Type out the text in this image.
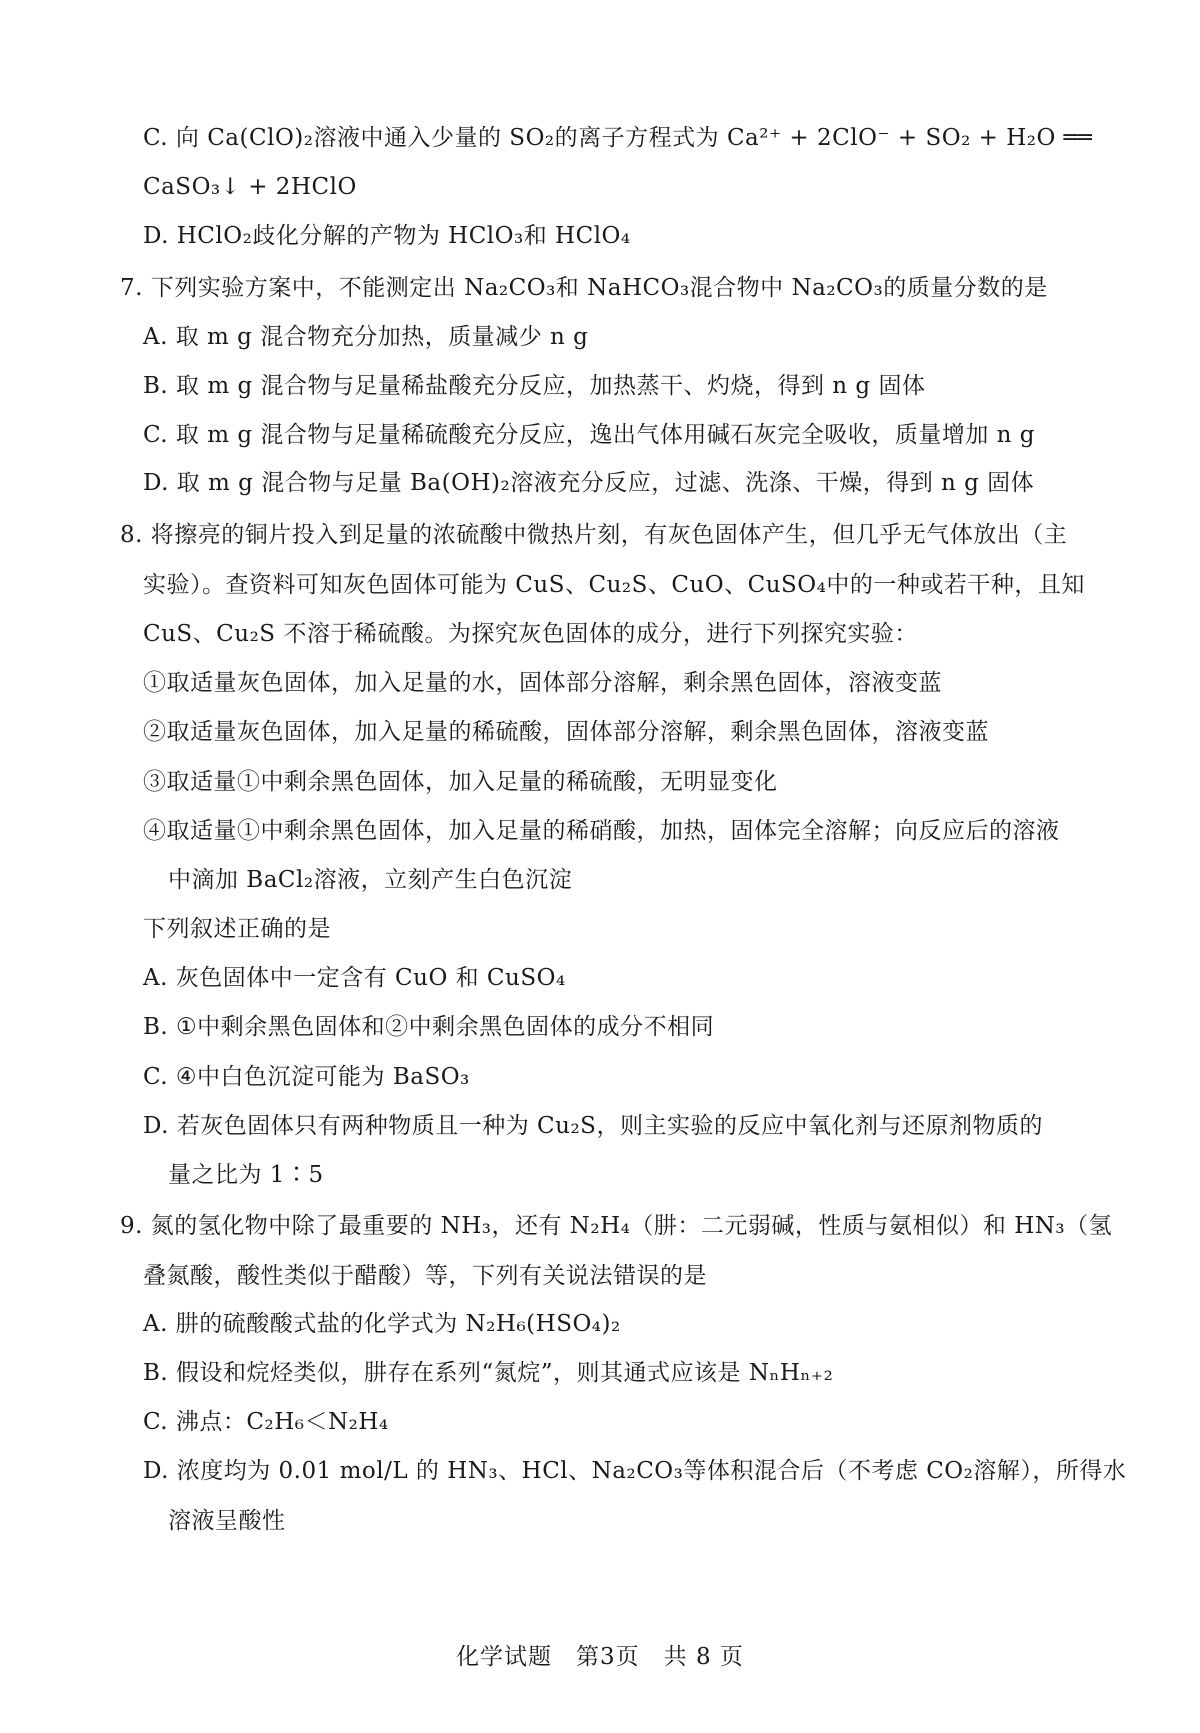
C. 向 Ca(ClO)₂溶液中通入少量的 SO₂的离子方程式为 Ca²⁺ + 2ClO⁻ + SO₂ + H₂O ══
CaSO₃↓ + 2HClO
D. HClO₂歧化分解的产物为 HClO₃和 HClO₄
7. 下列实验方案中，不能测定出 Na₂CO₃和 NaHCO₃混合物中 Na₂CO₃的质量分数的是
A. 取 m g 混合物充分加热，质量减少 n g
B. 取 m g 混合物与足量稀盐酸充分反应，加热蒸干、灼烧，得到 n g 固体
C. 取 m g 混合物与足量稀硫酸充分反应，逸出气体用碱石灰完全吸收，质量增加 n g
D. 取 m g 混合物与足量 Ba(OH)₂溶液充分反应，过滤、洗涤、干燥，得到 n g 固体
8. 将擦亮的铜片投入到足量的浓硫酸中微热片刻，有灰色固体产生，但几乎无气体放出（主
实验）。查资料可知灰色固体可能为 CuS、Cu₂S、CuO、CuSO₄中的一种或若干种，且知
CuS、Cu₂S 不溶于稀硫酸。为探究灰色固体的成分，进行下列探究实验：
①取适量灰色固体，加入足量的水，固体部分溶解，剩余黑色固体，溶液变蓝
②取适量灰色固体，加入足量的稀硫酸，固体部分溶解，剩余黑色固体，溶液变蓝
③取适量①中剩余黑色固体，加入足量的稀硫酸，无明显变化
④取适量①中剩余黑色固体，加入足量的稀硝酸，加热，固体完全溶解；向反应后的溶液
中滴加 BaCl₂溶液，立刻产生白色沉淀
下列叙述正确的是
A. 灰色固体中一定含有 CuO 和 CuSO₄
B. ①中剩余黑色固体和②中剩余黑色固体的成分不相同
C. ④中白色沉淀可能为 BaSO₃
D. 若灰色固体只有两种物质且一种为 Cu₂S，则主实验的反应中氧化剂与还原剂物质的
量之比为 1∶5
9. 氮的氢化物中除了最重要的 NH₃，还有 N₂H₄（肼：二元弱碱，性质与氨相似）和 HN₃（氢
叠氮酸，酸性类似于醋酸）等，下列有关说法错误的是
A. 肼的硫酸酸式盐的化学式为 N₂H₆(HSO₄)₂
B. 假设和烷烃类似，肼存在系列“氮烷”，则其通式应该是 NₙHₙ₊₂
C. 沸点：C₂H₆＜N₂H₄
D. 浓度均为 0.01 mol/L 的 HN₃、HCl、Na₂CO₃等体积混合后（不考虑 CO₂溶解），所得水
溶液呈酸性
化学试题　第3页　共 8 页
